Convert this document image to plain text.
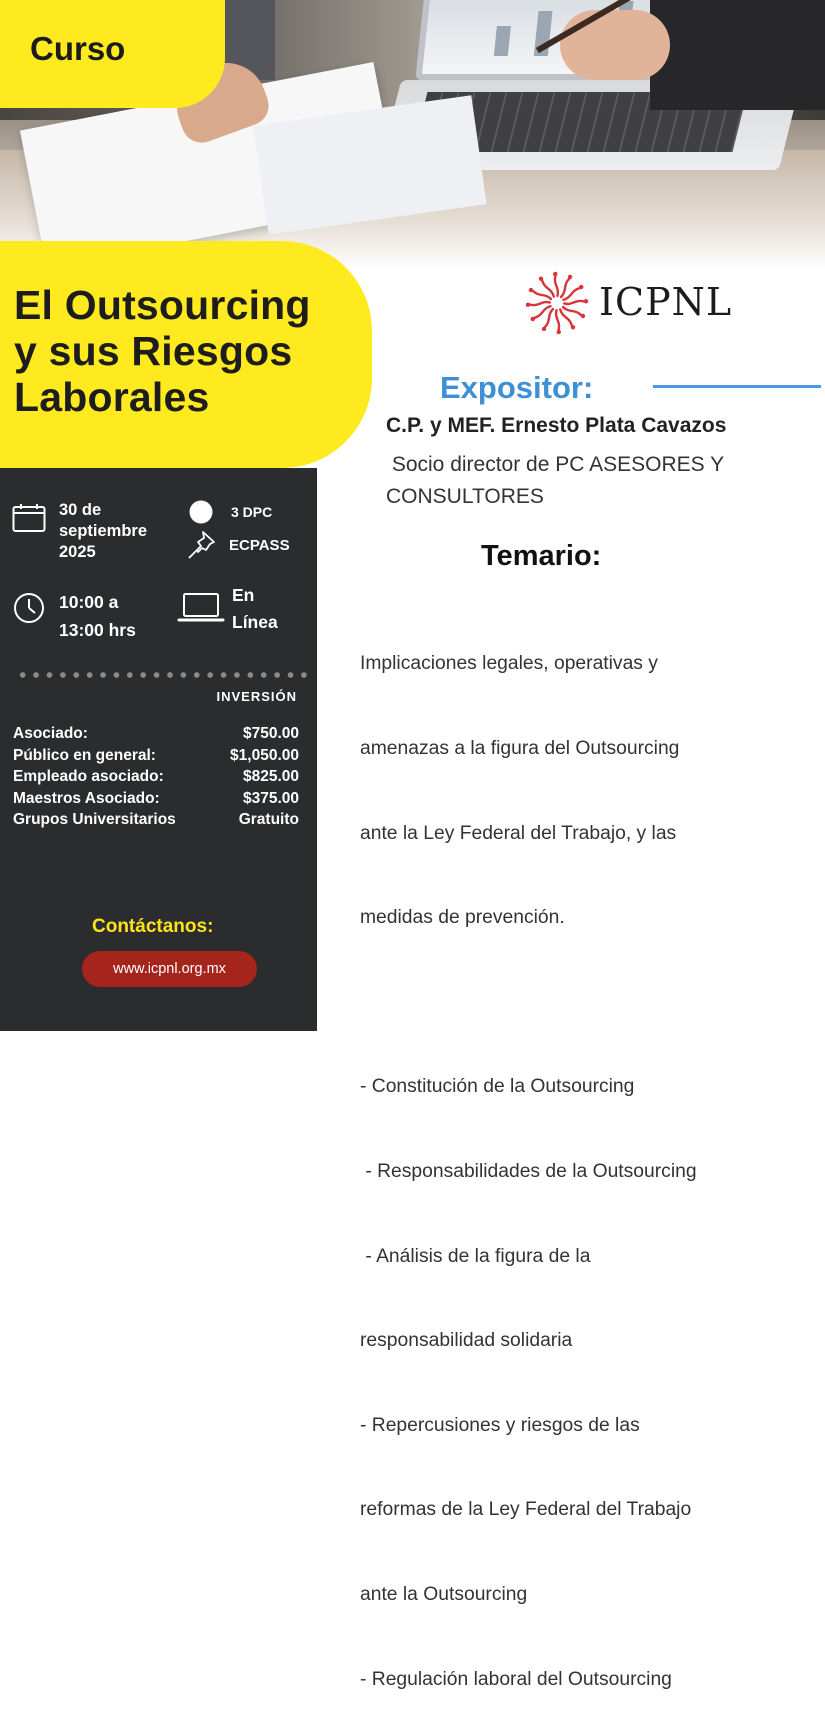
Curso
El Outsourcing
y sus Riesgos
Laborales
ICPNL
Expositor:
C.P. y MEF. Ernesto Plata Cavazos
Socio director de PC ASESORES Y
CONSULTORES
Temario:

Implicaciones legales, operativas y

amenazas a la figura del Outsourcing

ante la Ley Federal del Trabajo, y las

medidas de prevención.

- Constitución de la Outsourcing

- Responsabilidades de la Outsourcing

- Análisis de la figura de la

responsabilidad solidaria

- Repercusiones y riesgos de las

reformas de la Ley Federal del Trabajo

ante la Outsourcing

- Regulación laboral del Outsourcing

30 de
septiembre
2025
3 DPC
ECPASS
10:00 a
13:00 hrs
En
Línea
INVERSIÓN
Asociado:	$750.00
Público en general:	$1,050.00
Empleado asociado:	$825.00
Maestros Asociado:	$375.00
Grupos Universitarios	Gratuito
Contáctanos:
www.icpnl.org.mx
